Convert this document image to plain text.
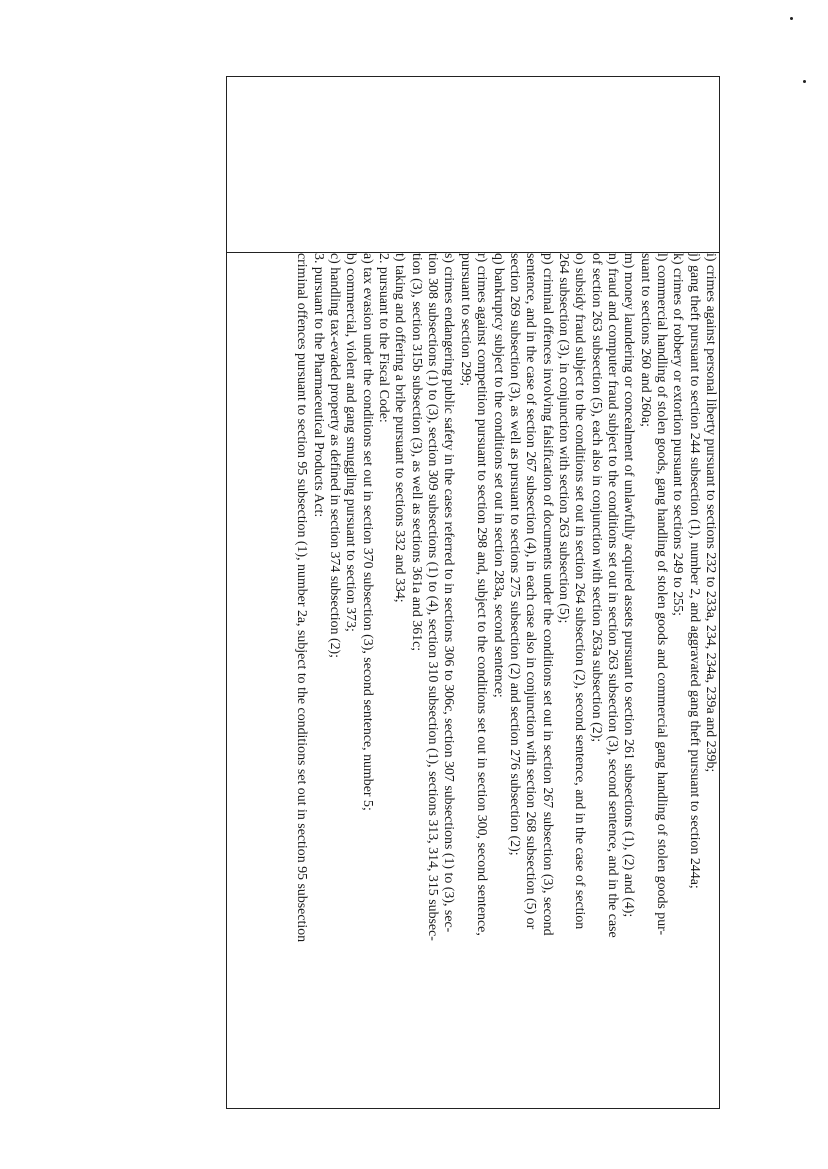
i) crimes against personal liberty pursuant to sections 232 to 233a, 234, 234a, 239a and 239b;
j) gang theft pursuant to section 244 subsection (1), number 2, and aggravated gang theft pursuant to section 244a;
k) crimes of robbery or extortion pursuant to sections 249 to 255;
l) commercial handling of stolen goods, gang handling of stolen goods and commercial gang handling of stolen goods pur-
suant to sections 260 and 260a;
m) money laundering or concealment of unlawfully acquired assets pursuant to section 261 subsections (1), (2) and (4);
n) fraud and computer fraud subject to the conditions set out in section 263 subsection (3), second sentence, and in the case
of section 263 subsection (5), each also in conjunction with section 263a subsection (2);
o) subsidy fraud subject to the conditions set out in section 264 subsection (2), second sentence, and in the case of section
264 subsection (3), in conjunction with section 263 subsection (5);
p) criminal offences involving falsification of documents under the conditions set out in section 267 subsection (3), second
sentence, and in the case of section 267 subsection (4), in each case also in conjunction with section 268 subsection (5) or
section 269 subsection (3), as well as pursuant to sections 275 subsection (2) and section 276 subsection (2);
q) bankruptcy subject to the conditions set out in section 283a, second sentence;
r) crimes against competition pursuant to section 298 and, subject to the conditions set out in section 300, second sentence,
pursuant to section 299;
s) crimes endangering public safety in the cases referred to in sections 306 to 306c, section 307 subsections (1) to (3), sec-
tion 308 subsections (1) to (3), section 309 subsections (1) to (4), section 310 subsection (1), sections 313, 314, 315 subsec-
tion (3), section 315b subsection (3), as well as sections 361a and 361c;
t) taking and offering a bribe pursuant to sections 332 and 334;
2. pursuant to the Fiscal Code:
a) tax evasion under the conditions set out in section 370 subsection (3), second sentence, number 5;
b) commercial, violent and gang smuggling pursuant to section 373;
c) handling tax-evaded property as defined in section 374 subsection (2);
3. pursuant to the Pharmaceutical Products Act:
criminal offences pursuant to section 95 subsection (1), number 2a, subject to the conditions set out in section 95 subsection
